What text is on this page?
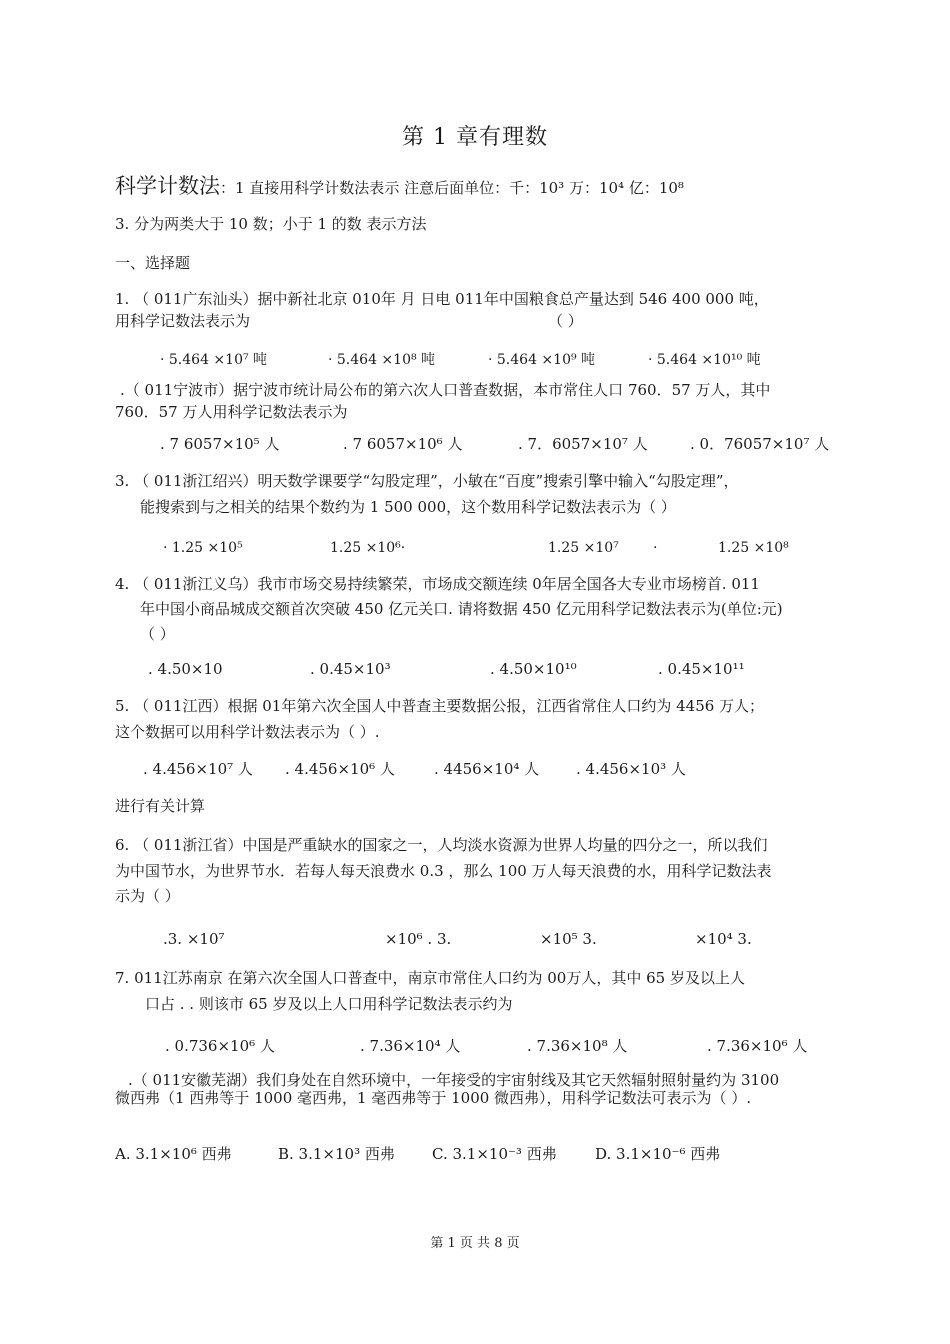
第 1 章有理数
科学计数法：1 直接用科学计数法表示 注意后面单位：千：10³ 万：10⁴ 亿：10⁸
3. 分为两类大于 10 数；小于 1 的数 表示方法
一、选择题
1. （ 011广东汕头）据中新社北京 010年 月 日电 011年中国粮食总产量达到 546 400 000 吨，
用科学记数法表示为	（ ）
· 5.464 ×10⁷ 吨	· 5.464 ×10⁸ 吨	· 5.464 ×10⁹ 吨	· 5.464 ×10¹⁰ 吨
.（ 011宁波市）据宁波市统计局公布的第六次人口普查数据，本市常住人口 760．57 万人，其中
760．57 万人用科学记数法表示为
. 7 6057×10⁵ 人	. 7 6057×10⁶ 人	. 7．6057×10⁷ 人	. 0．76057×10⁷ 人
3. （ 011浙江绍兴）明天数学课要学“勾股定理”，小敏在“百度”搜索引擎中输入“勾股定理”，
能搜索到与之相关的结果个数约为 1 500 000，这个数用科学记数法表示为（ ）
· 1.25 ×10⁵	1.25 ×10⁶·	1.25 ×10⁷ ·	1.25 ×10⁸
4. （ 011浙江义乌）我市市场交易持续繁荣，市场成交额连续 0年居全国各大专业市场榜首. 011
年中国小商品城成交额首次突破 450 亿元关口. 请将数据 450 亿元用科学记数法表示为(单位:元)
（ ）
. 4.50×10	. 0.45×10³	. 4.50×10¹⁰	. 0.45×10¹¹
5. （ 011江西）根据 01年第六次全国人中普查主要数据公报，江西省常住人口约为 4456 万人；
这个数据可以用科学计数法表示为（ ）.
. 4.456×10⁷ 人 . 4.456×10⁶ 人	. 4456×10⁴ 人 . 4.456×10³ 人
进行有关计算
6. （ 011浙江省）中国是严重缺水的国家之一，人均淡水资源为世界人均量的四分之一，所以我们
为中国节水，为世界节水．若每人每天浪费水 0.3 ，那么 100 万人每天浪费的水，用科学记数法表
示为（ ）
.3. ×10⁷	×10⁶ . 3.	×10⁵ 3.	×10⁴ 3.
7. 011江苏南京 在第六次全国人口普查中，南京市常住人口约为 00万人，其中 65 岁及以上人
口占 . . 则该市 65 岁及以上人口用科学记数法表示约为
. 0.736×10⁶ 人	. 7.36×10⁴ 人	. 7.36×10⁸ 人	. 7.36×10⁶ 人
.（ 011安徽芜湖）我们身处在自然环境中，一年接受的宇宙射线及其它天然辐射照射量约为 3100
微西弗（1 西弗等于 1000 毫西弗，1 毫西弗等于 1000 微西弗），用科学记数法可表示为（ ）.
A. 3.1×10⁶ 西弗	B. 3.1×10³ 西弗 C. 3.1×10⁻³ 西弗	D. 3.1×10⁻⁶ 西弗
第 1 页 共 8 页
